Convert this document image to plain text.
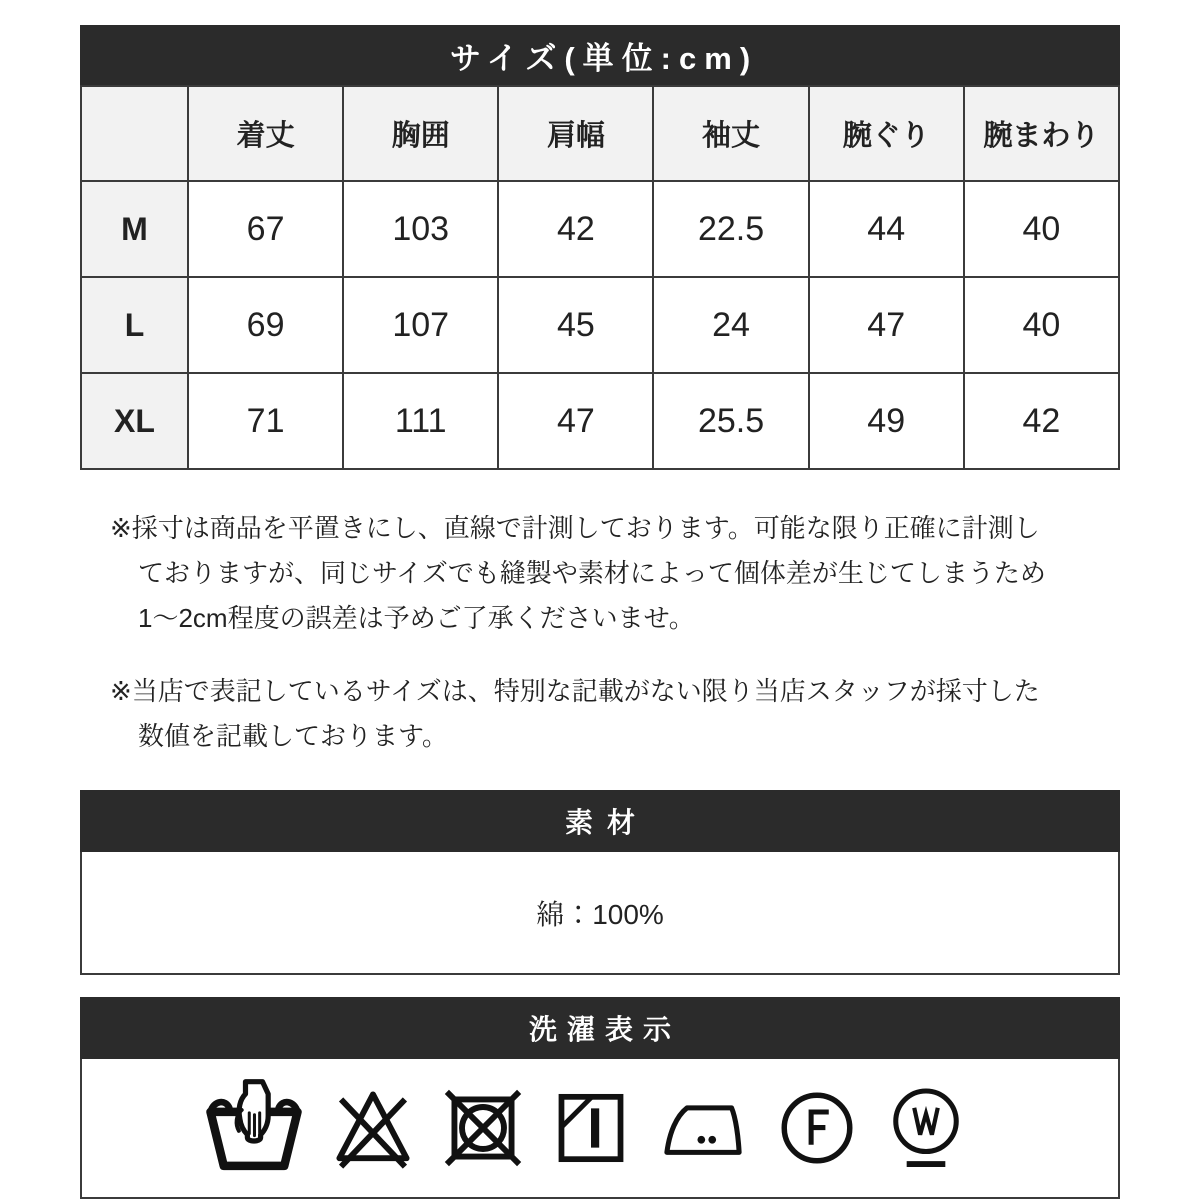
サイズ(単位:cm)
	着丈	胸囲	肩幅	袖丈	腕ぐり	腕まわり
M	67	103	42	22.5	44	40
L	69	107	45	24	47	40
XL	71	111	47	25.5	49	42

※採寸は商品を平置きにし、直線で計測しております。可能な限り正確に計測し
ておりますが、同じサイズでも縫製や素材によって個体差が生じてしまうため
1～2cm程度の誤差は予めご了承くださいませ。

※当店で表記しているサイズは、特別な記載がない限り当店スタッフが採寸した
数値を記載しております。

素材
綿：100%
洗濯表示
